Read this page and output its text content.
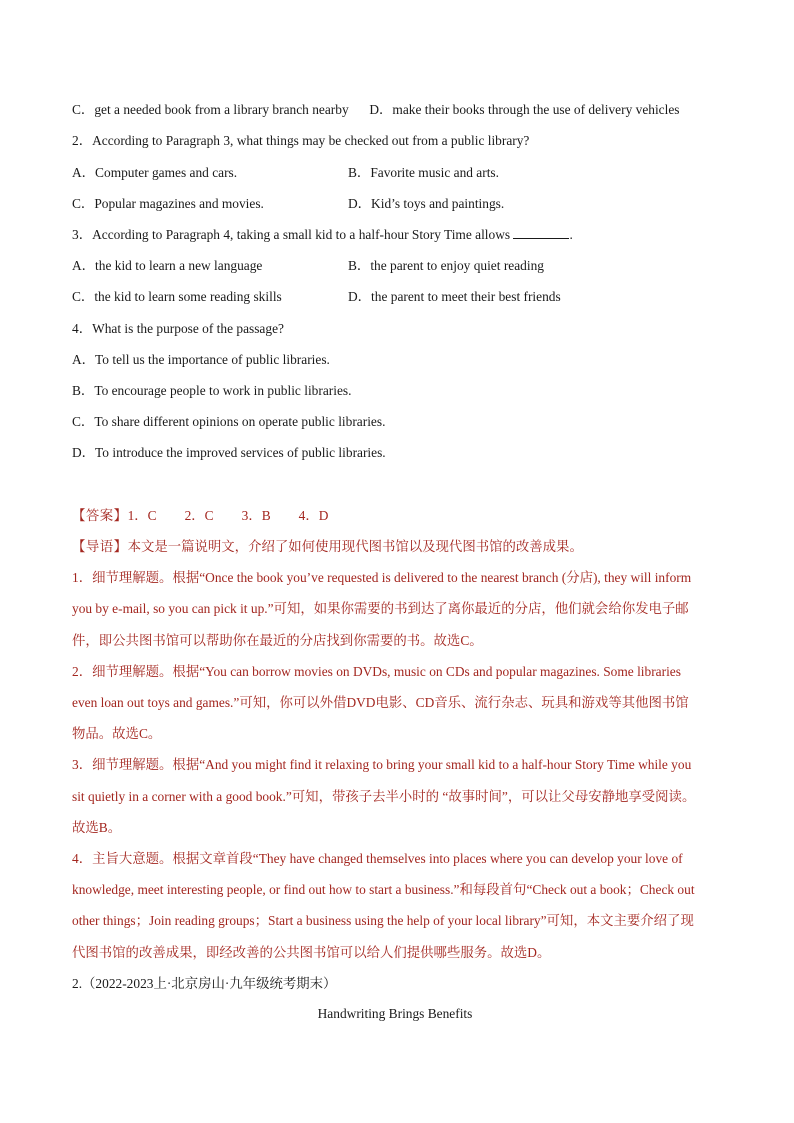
C．get a needed book from a library branch nearby D．make their books through the use of delivery vehicles
2．According to Paragraph 3, what things may be checked out from a public library?
A．Computer games and cars.	B．Favorite music and arts.
C．Popular magazines and movies.	D．Kid’s toys and paintings.
3．According to Paragraph 4, taking a small kid to a half-hour Story Time allows	.
A．the kid to learn a new language	B．the parent to enjoy quiet reading
C．the kid to learn some reading skills	D．the parent to meet their best friends
4．What is the purpose of the passage?
A．To tell us the importance of public libraries.
B．To encourage people to work in public libraries.
C．To share different opinions on operate public libraries.
D．To introduce the improved services of public libraries.
【答案】1．C 2．C 3．B 4．D
【导语】本文是一篇说明文，介绍了如何使用现代图书馆以及现代图书馆的改善成果。
1．细节理解题。根据“Once the book you’ve requested is delivered to the nearest branch (分店), they will inform
you by e-mail, so you can pick it up.”可知，如果你需要的书到达了离你最近的分店，他们就会给你发电子邮
件，即公共图书馆可以帮助你在最近的分店找到你需要的书。故选C。
2．细节理解题。根据“You can borrow movies on DVDs, music on CDs and popular magazines. Some libraries
even loan out toys and games.”可知，你可以外借DVD电影、CD音乐、流行杂志、玩具和游戏等其他图书馆
物品。故选C。
3．细节理解题。根据“And you might find it relaxing to bring your small kid to a half-hour Story Time while you
sit quietly in a corner with a good book.”可知，带孩子去半小时的 “故事时间”，可以让父母安静地享受阅读。
故选B。
4．主旨大意题。根据文章首段“They have changed themselves into places where you can develop your love of
knowledge, meet interesting people, or find out how to start a business.”和每段首句“Check out a book；Check out
other things；Join reading groups；Start a business using the help of your local library”可知，本文主要介绍了现
代图书馆的改善成果，即经改善的公共图书馆可以给人们提供哪些服务。故选D。
2.（2022-2023上·北京房山·九年级统考期末）
Handwriting Brings Benefits
